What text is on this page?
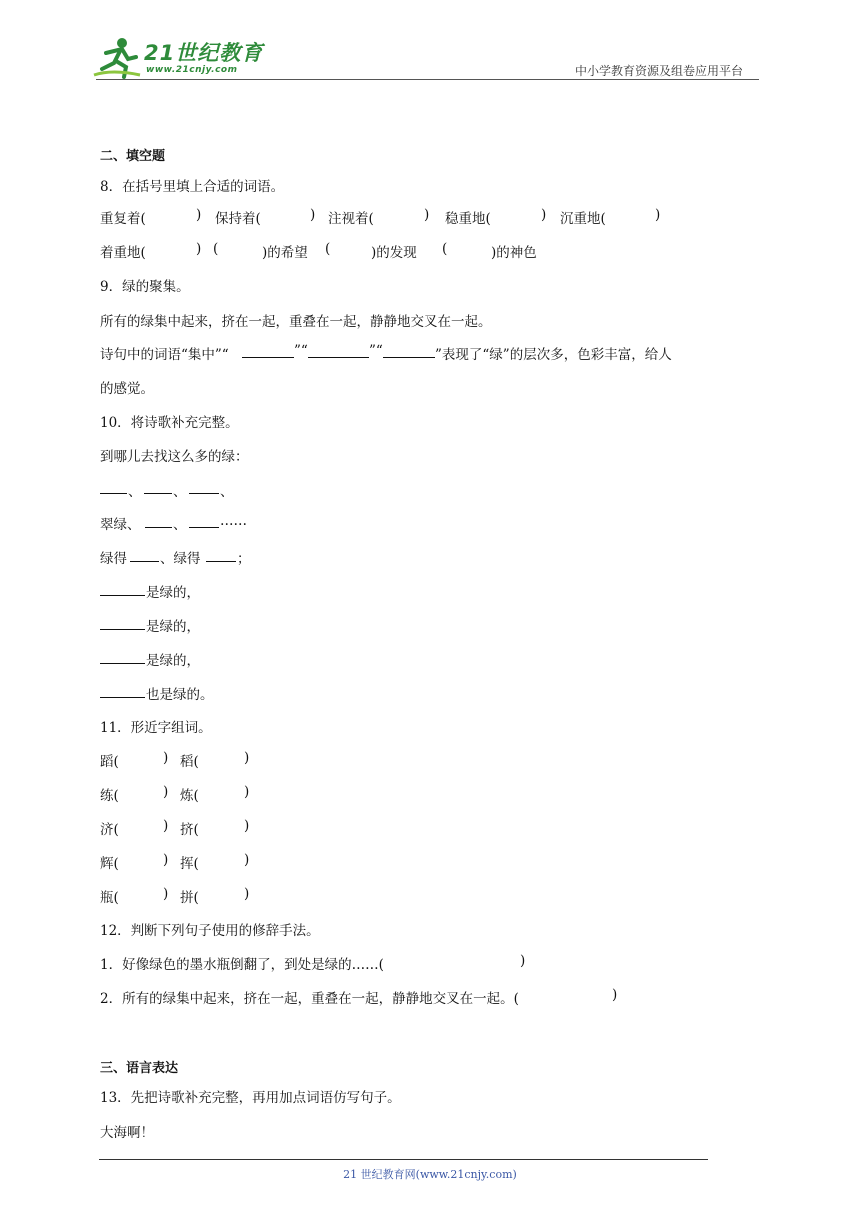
21世纪教育
www.21cnjy.com	中小学教育资源及组卷应用平台
二、填空题
8．在括号里填上合适的词语。
重复着(	) 保持着(	) 注视着(	) 稳重地(	) 沉重地(	)
着重地(	) (	)的希望 (	)的发现 (	)的神色
9．绿的聚集。
所有的绿集中起来，挤在一起，重叠在一起，静静地交叉在一起。
诗句中的词语“集中”“	”“	”“	”表现了“绿”的层次多，色彩丰富，给人
的感觉。
10．将诗歌补充完整。
到哪儿去找这么多的绿：
、 、 、
翠绿、 、 ……
绿得 、绿得	；
是绿的，
是绿的，
是绿的，
也是绿的。
11．形近字组词。
蹈(	) 稻(	)
练(	) 炼(	)
济(	) 挤(	)
辉(	) 挥(	)
瓶(	) 拼(	)
12．判断下列句子使用的修辞手法。
1．好像绿色的墨水瓶倒翻了，到处是绿的……(	)
2．所有的绿集中起来，挤在一起，重叠在一起，静静地交叉在一起。(	)
三、语言表达
13．先把诗歌补充完整，再用加点词语仿写句子。
大海啊！
21 世纪教育网(www.21cnjy.com)
